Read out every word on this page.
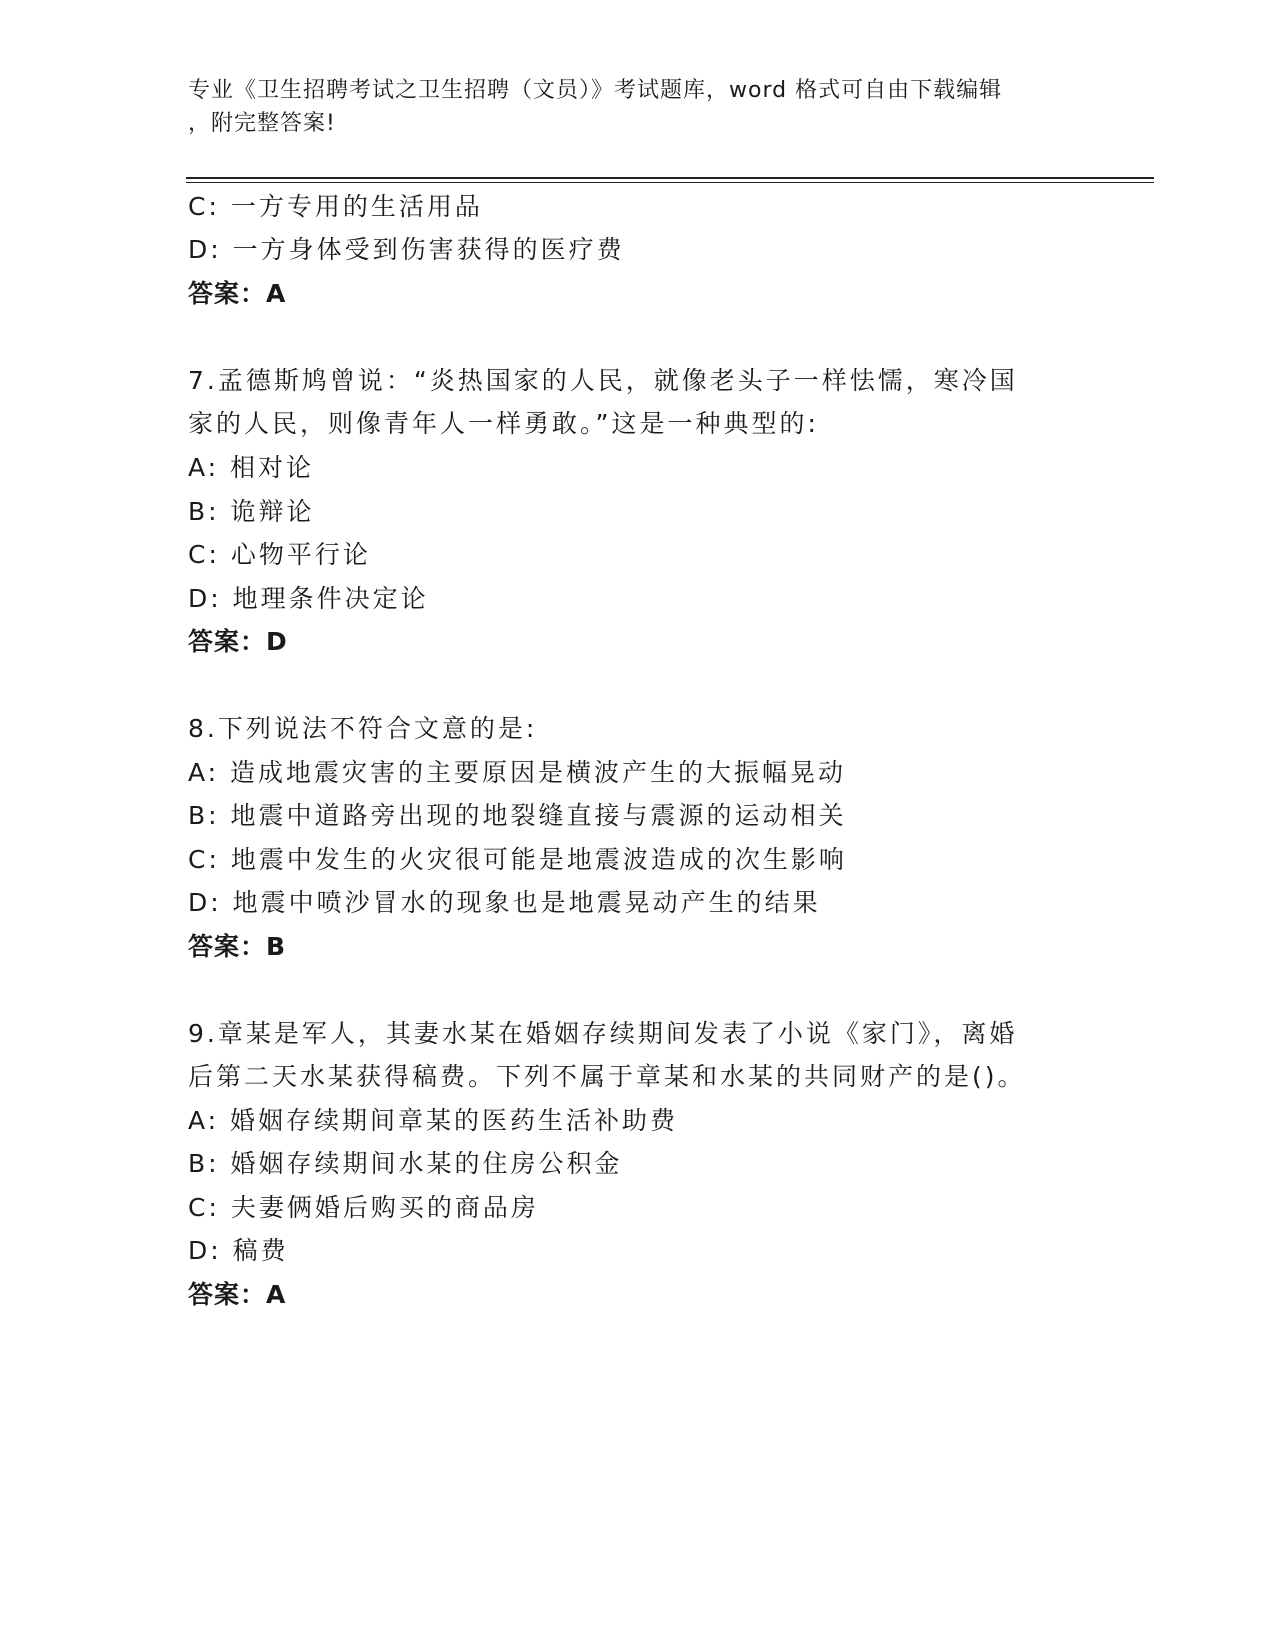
专业《卫生招聘考试之卫生招聘（文员）》考试题库，word 格式可自由下载编辑
，附完整答案!
C: 一方专用的生活用品
D: 一方身体受到伤害获得的医疗费
答案：A
7.孟德斯鸠曾说：“炎热国家的人民，就像老头子一样怯懦，寒冷国
家的人民，则像青年人一样勇敢。”这是一种典型的:
A: 相对论
B: 诡辩论
C: 心物平行论
D: 地理条件决定论
答案：D
8.下列说法不符合文意的是:
A: 造成地震灾害的主要原因是横波产生的大振幅晃动
B: 地震中道路旁出现的地裂缝直接与震源的运动相关
C: 地震中发生的火灾很可能是地震波造成的次生影响
D: 地震中喷沙冒水的现象也是地震晃动产生的结果
答案：B
9.章某是军人，其妻水某在婚姻存续期间发表了小说《家门》，离婚
后第二天水某获得稿费。下列不属于章某和水某的共同财产的是()。
A: 婚姻存续期间章某的医药生活补助费
B: 婚姻存续期间水某的住房公积金
C: 夫妻俩婚后购买的商品房
D: 稿费
答案：A
